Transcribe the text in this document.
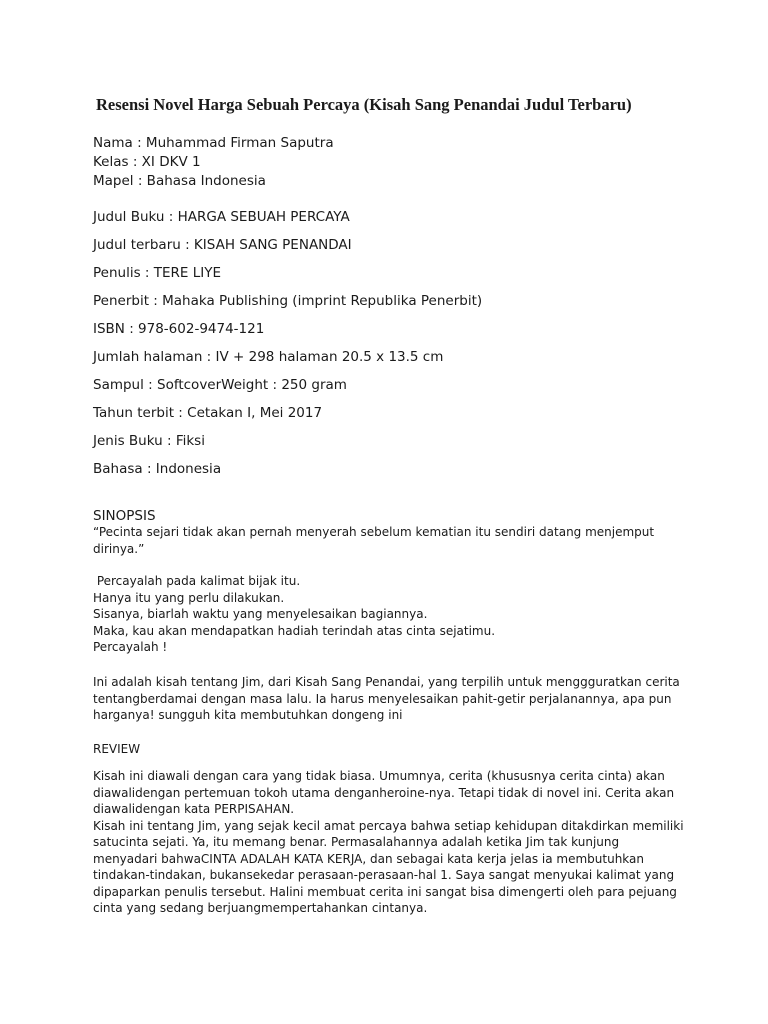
Resensi Novel Harga Sebuah Percaya (Kisah Sang Penandai Judul Terbaru)
Nama : Muhammad Firman Saputra
Kelas : XI DKV 1
Mapel : Bahasa Indonesia
Judul Buku : HARGA SEBUAH PERCAYA
Judul terbaru : KISAH SANG PENANDAI
Penulis : TERE LIYE
Penerbit : Mahaka Publishing (imprint Republika Penerbit)
ISBN : 978-602-9474-121
Jumlah halaman : IV + 298 halaman 20.5 x 13.5 cm
Sampul : SoftcoverWeight : 250 gram
Tahun terbit : Cetakan I, Mei 2017
Jenis Buku : Fiksi
Bahasa : Indonesia
SINOPSIS
“Pecinta sejari tidak akan pernah menyerah sebelum kematian itu sendiri datang menjemput
dirinya.”
Percayalah pada kalimat bijak itu.
Hanya itu yang perlu dilakukan.
Sisanya, biarlah waktu yang menyelesaikan bagiannya.
Maka, kau akan mendapatkan hadiah terindah atas cinta sejatimu.
Percayalah !
Ini adalah kisah tentang Jim, dari Kisah Sang Penandai, yang terpilih untuk menggguratkan cerita
tentangberdamai dengan masa lalu. Ia harus menyelesaikan pahit-getir perjalanannya, apa pun
harganya! sungguh kita membutuhkan dongeng ini
REVIEW
Kisah ini diawali dengan cara yang tidak biasa. Umumnya, cerita (khususnya cerita cinta) akan
diawalidengan pertemuan tokoh utama denganheroine-nya. Tetapi tidak di novel ini. Cerita akan
diawalidengan kata PERPISAHAN.
Kisah ini tentang Jim, yang sejak kecil amat percaya bahwa setiap kehidupan ditakdirkan memiliki
satucinta sejati. Ya, itu memang benar. Permasalahannya adalah ketika Jim tak kunjung
menyadari bahwaCINTA ADALAH KATA KERJA, dan sebagai kata kerja jelas ia membutuhkan
tindakan-tindakan, bukansekedar perasaan-perasaan-hal 1. Saya sangat menyukai kalimat yang
dipaparkan penulis tersebut. Halini membuat cerita ini sangat bisa dimengerti oleh para pejuang
cinta yang sedang berjuangmempertahankan cintanya.
